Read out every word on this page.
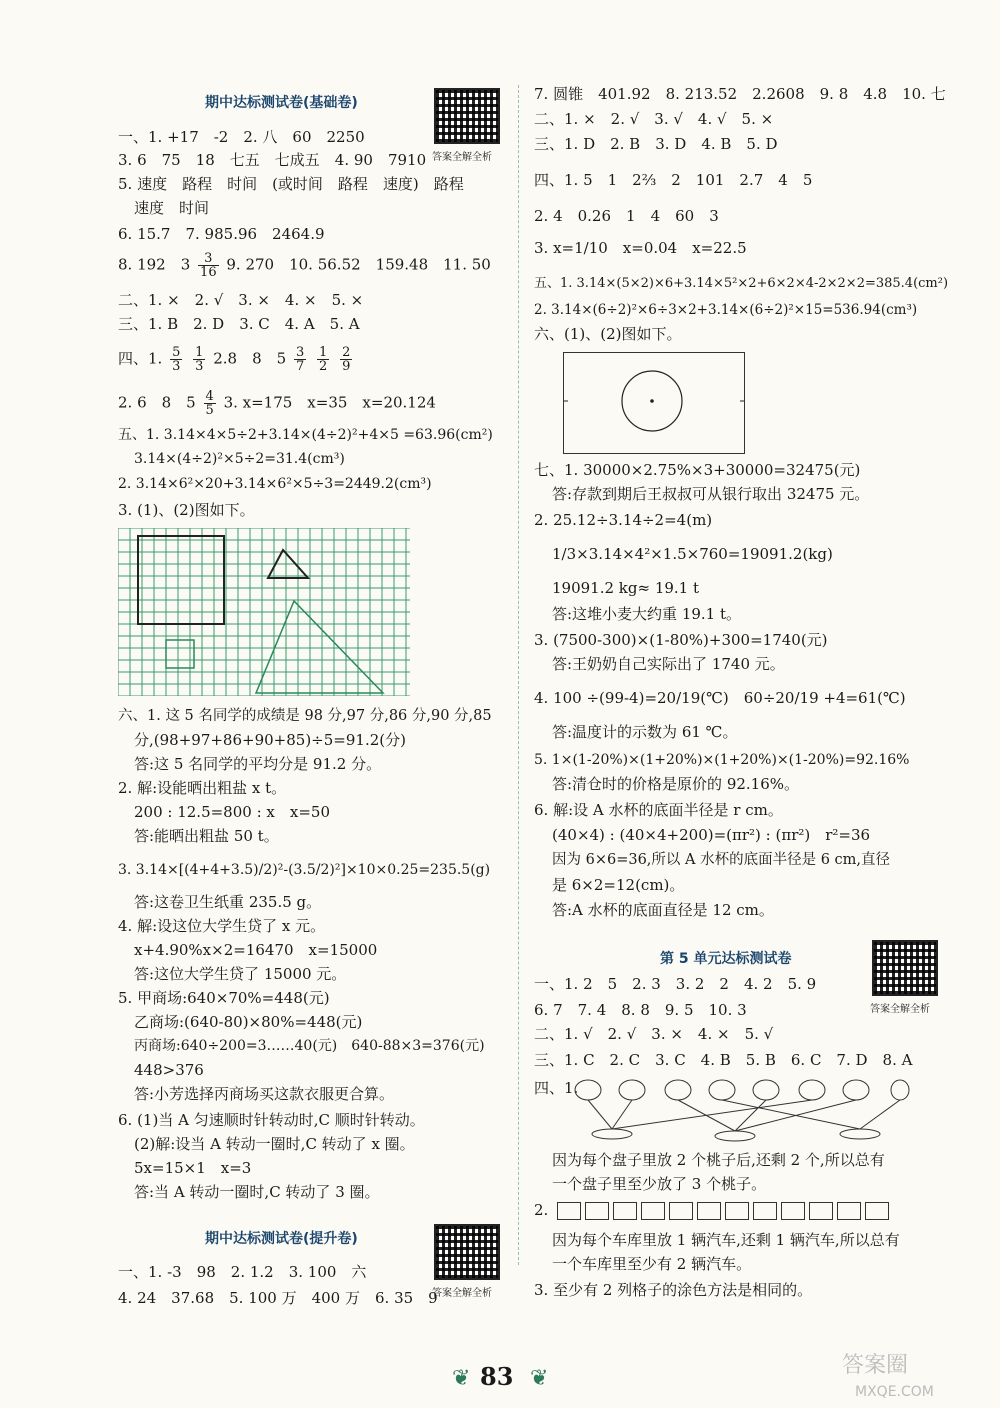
期中达标测试卷(基础卷)
答案全解全析
一、1. +17　-2　2. 八　60　2250
3. 6　75　18　七五　七成五　4. 90　7910
5. 速度　路程　时间　(或时间　路程　速度)　路程
速度　时间
6. 15.7　7. 985.96　2464.9
8. 192　$3 \frac{3}{16} 9$. 270　10. 56.52　159.48　11. 50
二、1. ×　2. √　3. ×　4. ×　5. ×
三、1. B　2. D　3. C　4. A　5. A
四、1. $\frac{5}{3}$
$\frac{1}{3} 2.8$　8　$5 \frac{3}{7}$
$\frac{1}{2}$
$\frac{2}{9}$
2. 6　8　$5 \frac{4}{5} 3$. x=175　x=35　x=20.124
五、1. 3.14×4×5÷2+3.14×(4÷2)²+4×5 =63.96(cm²)
3.14×(4÷2)²×5÷2=31.4(cm³)
2. 3.14×6²×20+3.14×6²×5÷3=2449.2(cm³)
3. (1)、(2)图如下。
六、1. 这 5 名同学的成绩是 98 分,97 分,86 分,90 分,85
分,(98+97+86+90+85)÷5=91.2(分)
答:这 5 名同学的平均分是 91.2 分。
2. 解:设能晒出粗盐 x t。
200 : 12.5=800 : x　x=50
答:能晒出粗盐 50 t。
3. 3.14×[(4+4+3.5)/2)²-(3.5/2)²]×10×0.25=235.5(g)
答:这卷卫生纸重 235.5 g。
4. 解:设这位大学生贷了 x 元。
x+4.90%x×2=16470　x=15000
答:这位大学生贷了 15000 元。
5. 甲商场:640×70%=448(元)
乙商场:(640-80)×80%=448(元)
丙商场:640÷200=3……40(元)　640-88×3=376(元)
448>376
答:小芳选择丙商场买这款衣服更合算。
6. (1)当 A 匀速顺时针转动时,C 顺时针转动。
(2)解:设当 A 转动一圈时,C 转动了 x 圈。
5x=15×1　x=3
答:当 A 转动一圈时,C 转动了 3 圈。
期中达标测试卷(提升卷)
答案全解全析
一、1. -3　98　2. 1.2　3. 100　六
4. 24　37.68　5. 100 万　400 万　6. 35　9
7. 圆锥　401.92　8. 213.52　2.2608　9. 8　4.8　10. 七
二、1. ×　2. √　3. √　4. √　5. ×
三、1. D　2. B　3. D　4. B　5. D
四、1. 5　1　2⅔　2　101　2.7　4　5
2. 4　0.26　1　4　60　3
3. x=1/10　x=0.04　x=22.5
五、1. 3.14×(5×2)×6+3.14×5²×2+6×2×4-2×2×2=385.4(cm²)
2. 3.14×(6÷2)²×6÷3×2+3.14×(6÷2)²×15=536.94(cm³)
六、(1)、(2)图如下。
七、1. 30000×2.75%×3+30000=32475(元)
答:存款到期后王叔叔可从银行取出 32475 元。
2. 25.12÷3.14÷2=4(m)
1/3×3.14×4²×1.5×760=19091.2(kg)
19091.2 kg≈ 19.1 t
答:这堆小麦大约重 19.1 t。
3. (7500-300)×(1-80%)+300=1740(元)
答:王奶奶自己实际出了 1740 元。
4. 100 ÷(99-4)=20/19(℃)　60÷20/19 +4=61(℃)
答:温度计的示数为 61 ℃。
5. 1×(1-20%)×(1+20%)×(1+20%)×(1-20%)=92.16%
答:清仓时的价格是原价的 92.16%。
6. 解:设 A 水杯的底面半径是 r cm。
(40×4) : (40×4+200)=(πr²) : (πr²)　r²=36
因为 6×6=36,所以 A 水杯的底面半径是 6 cm,直径
是 6×2=12(cm)。
答:A 水杯的底面直径是 12 cm。
第 5 单元达标测试卷
答案全解全析
一、1. 2　5　2. 3　3. 2　2　4. 2　5. 9
6. 7　7. 4　8. 8　9. 5　10. 3
二、1. √　2. √　3. ×　4. ×　5. √
三、1. C　2. C　3. C　4. B　5. B　6. C　7. D　8. A
四、1.
因为每个盘子里放 2 个桃子后,还剩 2 个,所以总有
一个盘子里至少放了 3 个桃子。
2.
因为每个车库里放 1 辆汽车,还剩 1 辆汽车,所以总有
一个车库里至少有 2 辆汽车。
3. 至少有 2 列格子的涂色方法是相同的。
❦ 83 ❦
答案圈
MXQE.COM
